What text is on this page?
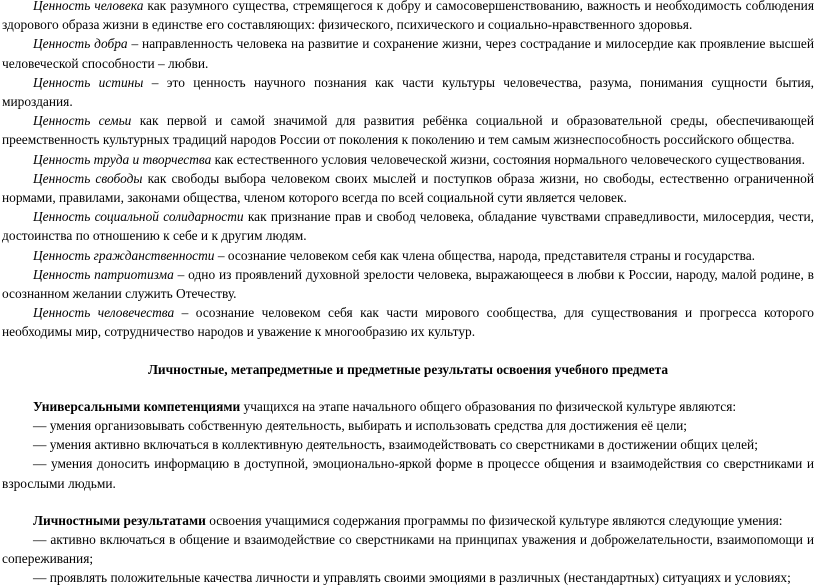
Ценность человека как разумного существа, стремящегося к добру и самосовершенствованию, важность и необходимость соблюдения здорового образа жизни в единстве его составляющих: физического, психического и социально-нравственного здоровья.

Ценность добра – направленность человека на развитие и сохранение жизни, через сострадание и милосердие как проявление высшей человеческой способности – любви.

Ценность истины – это ценность научного познания как части культуры человечества, разума, понимания сущности бытия, мироздания.

Ценность семьи как первой и самой значимой для развития ребёнка социальной и образовательной среды, обеспечивающей преемственность культурных традиций народов России от поколения к поколению и тем самым жизнеспособность российского общества.

Ценность труда и творчества как естественного условия человеческой жизни, состояния нормального человеческого существования.

Ценность свободы как свободы выбора человеком своих мыслей и поступков образа жизни, но свободы, естественно ограниченной нормами, правилами, законами общества, членом которого всегда по всей социальной сути является человек.

Ценность социальной солидарности как признание прав и свобод человека, обладание чувствами справедливости, милосердия, чести, достоинства по отношению к себе и к другим людям.

Ценность гражданственности – осознание человеком себя как члена общества, народа, представителя страны и государства.

Ценность патриотизма – одно из проявлений духовной зрелости человека, выражающееся в любви к России, народу, малой родине, в осознанном желании служить Отечеству.

Ценность человечества – осознание человеком себя как части мирового сообщества, для существования и прогресса которого необходимы мир, сотрудничество народов и уважение к многообразию их культур.

Личностные, метапредметные и предметные результаты освоения учебного предмета

Универсальными компетенциями учащихся на этапе начального общего образования по физической культуре являются:

— умения организовывать собственную деятельность, выбирать и использовать средства для достижения её цели;

— умения активно включаться в коллективную деятельность, взаимодействовать со сверстниками в достижении общих целей;

— умения доносить информацию в доступной, эмоционально-яркой форме в процессе общения и взаимодействия со сверстниками и взрослыми людьми.

Личностными результатами освоения учащимися содержания программы по физической культуре являются следующие умения:

— активно включаться в общение и взаимодействие со сверстниками на принципах уважения и доброжелательности, взаимопомощи и сопереживания;

— проявлять положительные качества личности и управлять своими эмоциями в различных (нестандартных) ситуациях и условиях;
